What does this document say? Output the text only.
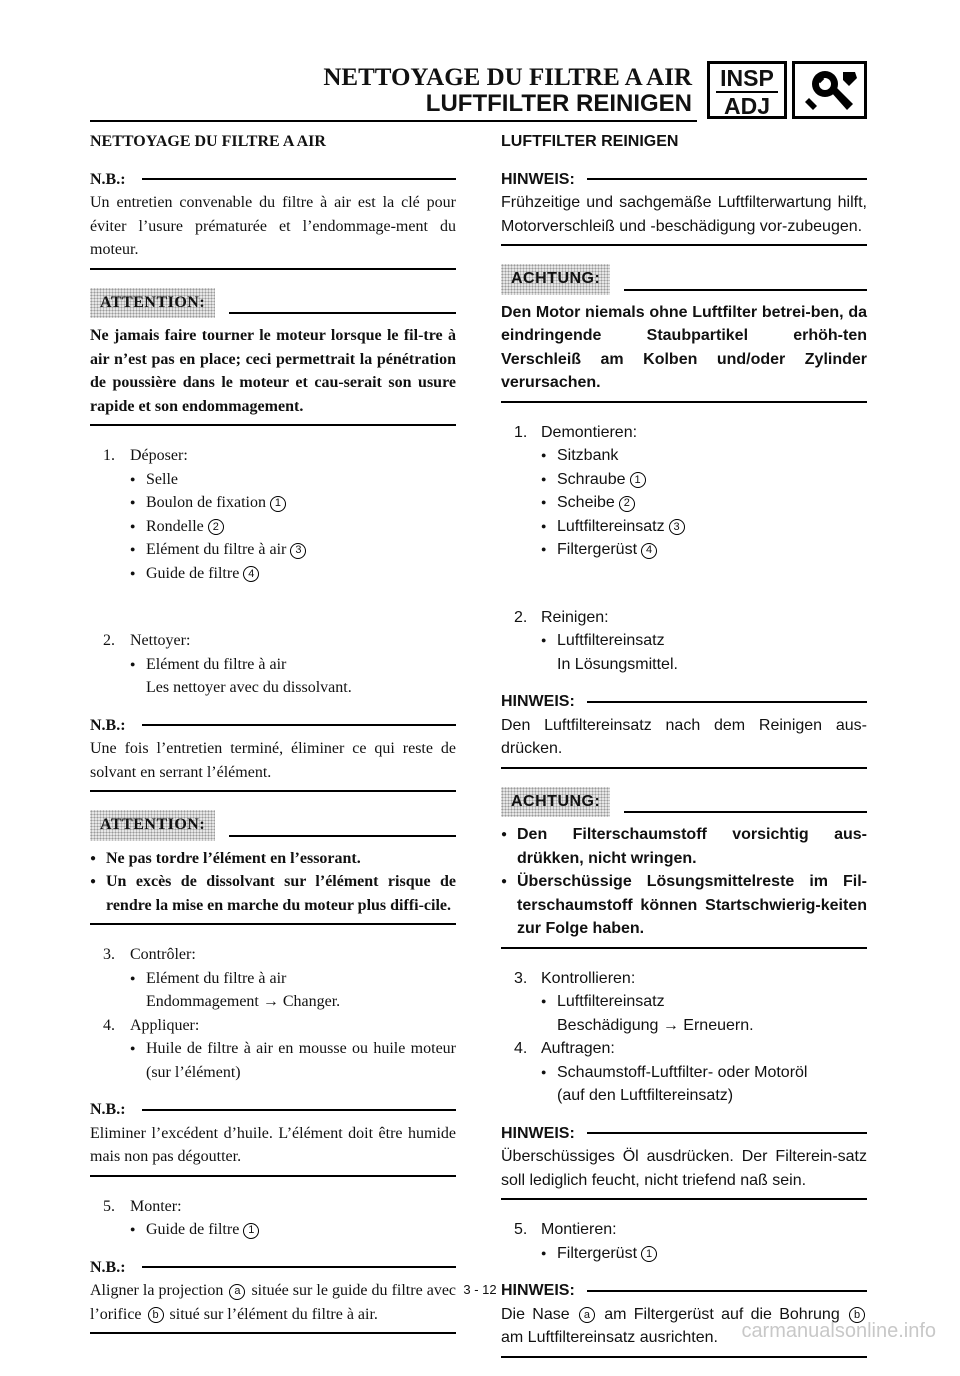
NETTOYAGE DU FILTRE A AIR
LUFTFILTER REINIGEN
INSP
ADJ
NETTOYAGE DU FILTRE A AIR
N.B.:
Un entretien convenable du filtre à air est la clé pour éviter l’usure prématurée et l’endommage-ment du moteur.
ATTENTION:
Ne jamais faire tourner le moteur lorsque le fil-tre à air n’est pas en place; ceci permettrait la pénétration de poussière dans le moteur et cau-serait son usure rapide et son endommagement.
1. Déposer:
● Selle
● Boulon de fixation 1
● Rondelle 2
● Elément du filtre à air 3
● Guide de filtre 4
2. Nettoyer:
● Elément du filtre à air
Les nettoyer avec du dissolvant.
N.B.:
Une fois l’entretien terminé, éliminer ce qui reste de solvant en serrant l’élément.
ATTENTION:
● Ne pas tordre l’élément en l’essorant.
● Un excès de dissolvant sur l’élément risque de rendre la mise en marche du moteur plus diffi-cile.
3. Contrôler:
● Elément du filtre à air
Endommagement → Changer.
4. Appliquer:
● Huile de filtre à air en mousse ou huile moteur (sur l’élément)
N.B.:
Eliminer l’excédent d’huile. L’élément doit être humide mais non pas dégoutter.
5. Monter:
● Guide de filtre 1
N.B.:
Aligner la projection a située sur le guide du filtre avec l’orifice b situé sur l’élément du filtre à air.
LUFTFILTER REINIGEN
HINWEIS:
Frühzeitige und sachgemäße Luftfilterwartung hilft, Motorverschleiß und -beschädigung vor-zubeugen.
ACHTUNG:
Den Motor niemals ohne Luftfilter betrei-ben, da eindringende Staubpartikel erhöh-ten Verschleiß am Kolben und/oder Zylinder verursachen.
1. Demontieren:
● Sitzbank
● Schraube 1
● Scheibe 2
● Luftfiltereinsatz 3
● Filtergerüst 4
2. Reinigen:
● Luftfiltereinsatz
In Lösungsmittel.
HINWEIS:
Den Luftfiltereinsatz nach dem Reinigen aus-drücken.
ACHTUNG:
● Den Filterschaumstoff vorsichtig aus-drükken, nicht wringen.
● Überschüssige Lösungsmittelreste im Fil-terschaumstoff können Startschwierig-keiten zur Folge haben.
3. Kontrollieren:
● Luftfiltereinsatz
Beschädigung → Erneuern.
4. Auftragen:
● Schaumstoff-Luftfilter- oder Motoröl
(auf den Luftfiltereinsatz)
HINWEIS:
Überschüssiges Öl ausdrücken. Der Filterein-satz soll lediglich feucht, nicht triefend naß sein.
5. Montieren:
● Filtergerüst 1
HINWEIS:
Die Nase a am Filtergerüst auf die Bohrung b am Luftfiltereinsatz ausrichten.
3 - 12
carmanualsonline.info
